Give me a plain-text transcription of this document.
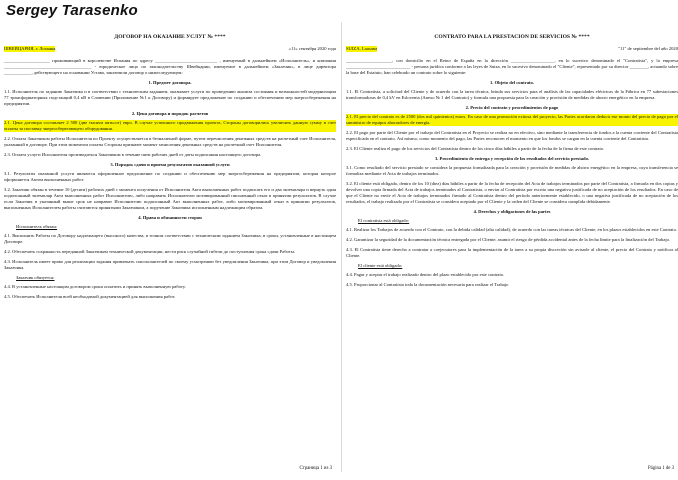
Sergey Tarasenko
ДОГОВОР НА ОКАЗАНИЕ УСЛУГ № ****
ШВЕЙЦАРИЯ, г. Лозанна	«11» сентября 2020 года
____________________ проживающий в королевстве Испания по адресу ___________________________ , именуемый в дальнейшем «Исполнитель», и компания ______________________________________ - юридическое лицо по законодательству Швейцарии, именуемое в дальнейшем «Заказчик», в лице директора ____________, действующего на основании Устава, заключили договор о нижеследующем:
1. Предмет договора.
1.1. Исполнитель по заданию Заказчика и в соответствии с техническим заданием, оказывает услуги по проведению анализа состояния и возможностей модернизации 77 трансформаторных подстанций 0,4 кВ в Словении (Приложение №1 к Договору) и формирует предложение по созданию и обеспечению мер энергосбережения на предприятии.
2. Цена договора и порядок расчетов
2.1. Цена договора составляет 2 500 (две тысячи пятьсот) евро. В случае успешного продвижения проекта, Стороны договорились увеличить данную сумму в счет оплаты за поставку энергосберегающего оборудования.
2.2. Оплата Заказчиком работы Исполнителя по Проекту осуществляется в безналичной форме, путем перечисления денежных средств на расчетный счет Исполнителя, указанный в договоре. При этом моментом оплаты Стороны признают момент зачисления денежных средств на расчетный счет Исполнителя.
2.3. Оплата услуги Исполнителя производиться Заказчиком в течение пяти рабочих дней от даты подписания настоящего договора.
3. Порядок сдачи и приема результатов оказанной услуги
3.1. Результаты оказанной услуги являются оформленное предложение по созданию и обеспечению мер энергосбережения на предприятии, которая которое оформляется Актом выполненных работ.
3.2. Заказчик обязан в течение 10 (десяти) рабочих дней с момента получения от Исполнителя Акта выполненных работ подписать его и два экземпляра и вернуть один подписанный экземпляр Акта выполненных работ Исполнителю, либо направить Исполнителю мотивированный письменный отказ в принятии результатов. В случае если Заказчик в указанный выше срок не направит Исполнителю подписанный Акт выполненных работ, либо мотивированный отказ в принятии результатов, выполненных Исполнителем работы считаются принятыми Заказчиком, а поручение Заказчика исполненным надлежащим образом.
4. Права и обязанности сторон
Исполнитель обязан:
4.1. Выполнить Работы по Договору надлежащего (высокого) качества, в точном соответствии с техническим заданием Заказчика, в сроки, установленные в настоящем Договоре.
4.2. Обеспечить сохранность переданной Заказчиком технической документации, нести риск случайной гибели до поступления срока сдачи Работы.
4.3. Исполнитель имеет право для реализации задания привлекать соисполнителей по своему усмотрению без уведомления Заказчика, при этом Договор и уведомления Заказчика.
Заказчик обязуется:
4.4. В установленные настоящим договором сроки оплатить и принять выполненную работу.
4.5. Обеспечить Исполнителя всей необходимой документацией для выполнения работ.
Страница 1 из 3
CONTRATO PARA LA PRESTACIÓN DE SERVICIOS № ****
SUIZA, Lausana	"11" de septiembre del año 2020
____________________, con domicilio en el Reino de España en la dirección ___________________, en lo sucesivo denominado el "Contratista", y la empresa ____________________________ - persona jurídica conforme a las leyes de Suiza, en lo sucesivo denominado el "Cliente", representado por su director ________, actuando sobre la base del Estatuto, han celebrado un contrato sobre lo siguiente:
1. Objeto del contrato.
1.1. El Contratista, a solicitud del Cliente y de acuerdo con la tarea técnica, brinda sus servicios para el análisis de las capacidades eléctricas de la Fábrica en 77 subestaciones transformadoras de 0,4 kV en Eslovenia (Anexo № 1 del Contrato) y formula una propuesta para la creación y provisión de medidas de ahorro energético en la empresa.
2. Precio del contrato y procedimientos de pago
2.1. El precio del contrato es de 2500 (dos mil quinientos) euros. En caso de una promoción exitosa del proyecto, las Partes acordaron deducir ese monto del precio de pago por el suministro de equipos ahorradores de energía.
2.2. El pago por parte del Cliente por el trabajo del Contratista en el Proyecto se realiza no en efectivo, sino mediante la transferencia de fondos a la cuenta corriente del Contratista especificada en el contrato. Así mismo, como momento del pago, las Partes reconocen el momento en que los fondos se cargan en la cuenta corriente del Contratista.
2.3. El Cliente realiza el pago de los servicios del Contratista dentro de los cinco días hábiles a partir de la fecha de la firma de este contrato.
3. Procedimiento de entrega y recepción de los resultados del servicio prestado.
3.1. Como resultado del servicio prestado se considera la propuesta formalizada para la creación y provisión de medidas de ahorro energético en la empresa, cuya transferencia se formaliza mediante el Acta de trabajos terminados.
3.2. El cliente está obligado, dentro de los 10 (diez) días hábiles a partir de la fecha de recepción del Acta de trabajos terminados por parte del Contratista, a firmarla en dos copias y devolver una copia firmada del Acta de trabajos terminados al Contratista, o enviar al Contratista por escrito una negativa justificada de no aceptación de los resultados. En caso de que el Cliente no envíe el Acta de trabajos terminados firmado al Contratista dentro del período anteriormente establecido, o una negativa justificada de no aceptación de los resultados, el trabajo realizado por el Contratista se considera aceptado por el Cliente y la orden del Cliente se considera cumplida debidamente.
4. Derechos y obligaciones de las partes
El contratista está obligado:
4.1. Realizar los Trabajos de acuerdo con el Contrato, con la debida calidad (alta calidad), de acuerdo con las tareas técnicas del Cliente, en los plazos establecidos en este Contrato.
4.2. Garantizar la seguridad de la documentación técnica entregada por el Cliente, asumir el riesgo de pérdida accidental antes de la fecha límite para la finalización del Trabajo.
4.3. El Contratista tiene derecho a contratar a coejecutores para la implementación de la tarea a su propia discreción sin avisarle al cliente, el precio del Contrato y notificar al Cliente.
El cliente está obligado:
4.4. Pagar y aceptar el trabajo realizado dentro del plazo establecido por este contrato.
4.5. Proporcionar al Contratista toda la documentación necesaria para realizar el Trabajo
Página 1 de 3
